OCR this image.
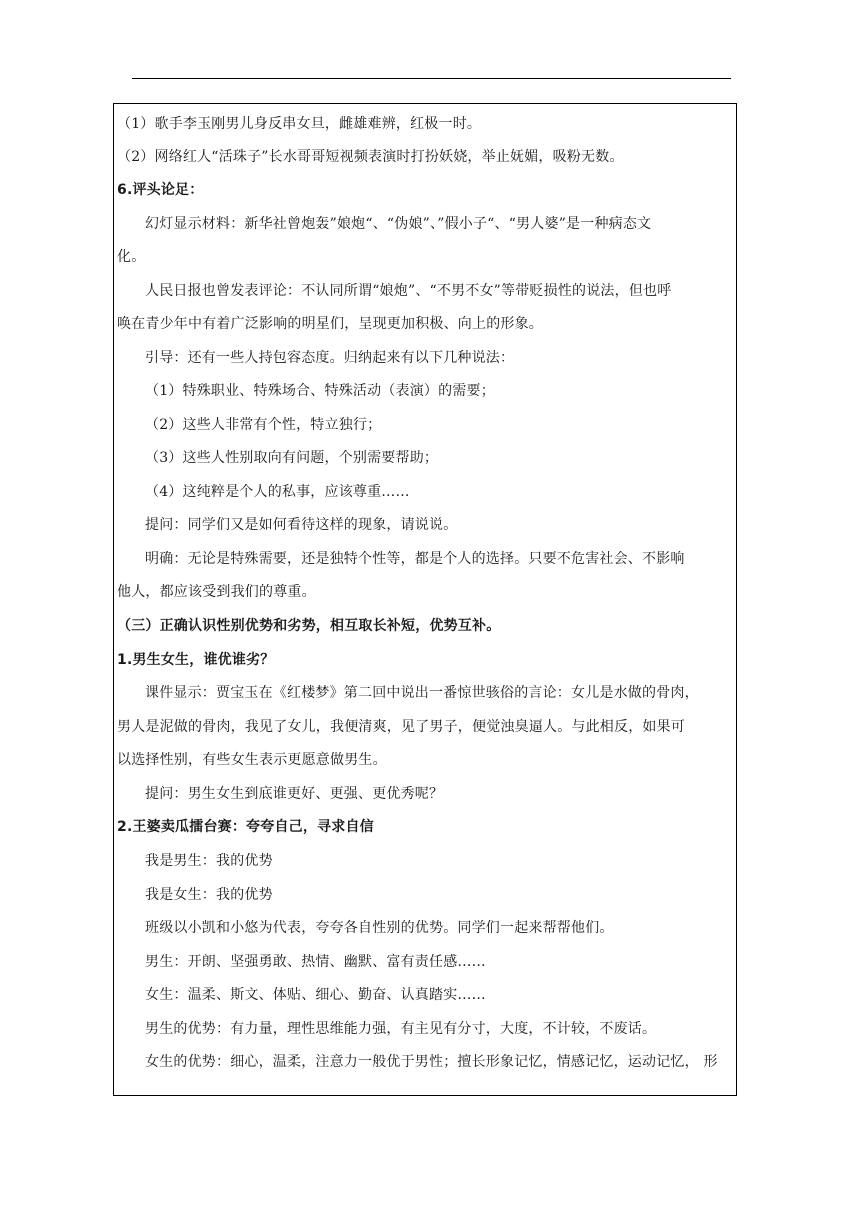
（1）歌手李玉刚男儿身反串女旦，雌雄难辨，红极一时。
（2）网络红人“活珠子”长水哥哥短视频表演时打扮妖娆，举止妩媚，吸粉无数。
6.评头论足：
幻灯显示材料：新华社曾炮轰”娘炮“、“伪娘”、”假小子“、“男人婆”是一种病态文
化。
人民日报也曾发表评论：不认同所谓“娘炮”、“不男不女”等带贬损性的说法，但也呼
唤在青少年中有着广泛影响的明星们，呈现更加积极、向上的形象。
引导：还有一些人持包容态度。归纳起来有以下几种说法：
（1）特殊职业、特殊场合、特殊活动（表演）的需要；
（2）这些人非常有个性，特立独行；
（3）这些人性别取向有问题，个别需要帮助；
（4）这纯粹是个人的私事，应该尊重……
提问：同学们又是如何看待这样的现象，请说说。
明确：无论是特殊需要，还是独特个性等，都是个人的选择。只要不危害社会、不影响
他人，都应该受到我们的尊重。
（三）正确认识性别优势和劣势，相互取长补短，优势互补。
1.男生女生，谁优谁劣？
课件显示：贾宝玉在《红楼梦》第二回中说出一番惊世骇俗的言论：女儿是水做的骨肉，
男人是泥做的骨肉，我见了女儿，我便清爽，见了男子，便觉浊臭逼人。与此相反，如果可
以选择性别，有些女生表示更愿意做男生。
提问：男生女生到底谁更好、更强、更优秀呢？
2.王婆卖瓜擂台赛：夸夸自己，寻求自信
我是男生：我的优势
我是女生：我的优势
班级以小凯和小悠为代表，夸夸各自性别的优势。同学们一起来帮帮他们。
男生：开朗、坚强勇敢、热情、幽默、富有责任感……
女生：温柔、斯文、体贴、细心、勤奋、认真踏实……
男生的优势：有力量，理性思维能力强，有主见有分寸，大度，不计较，不废话。
女生的优势：细心，温柔，注意力一般优于男性；擅长形象记忆，情感记忆，运动记忆， 形
